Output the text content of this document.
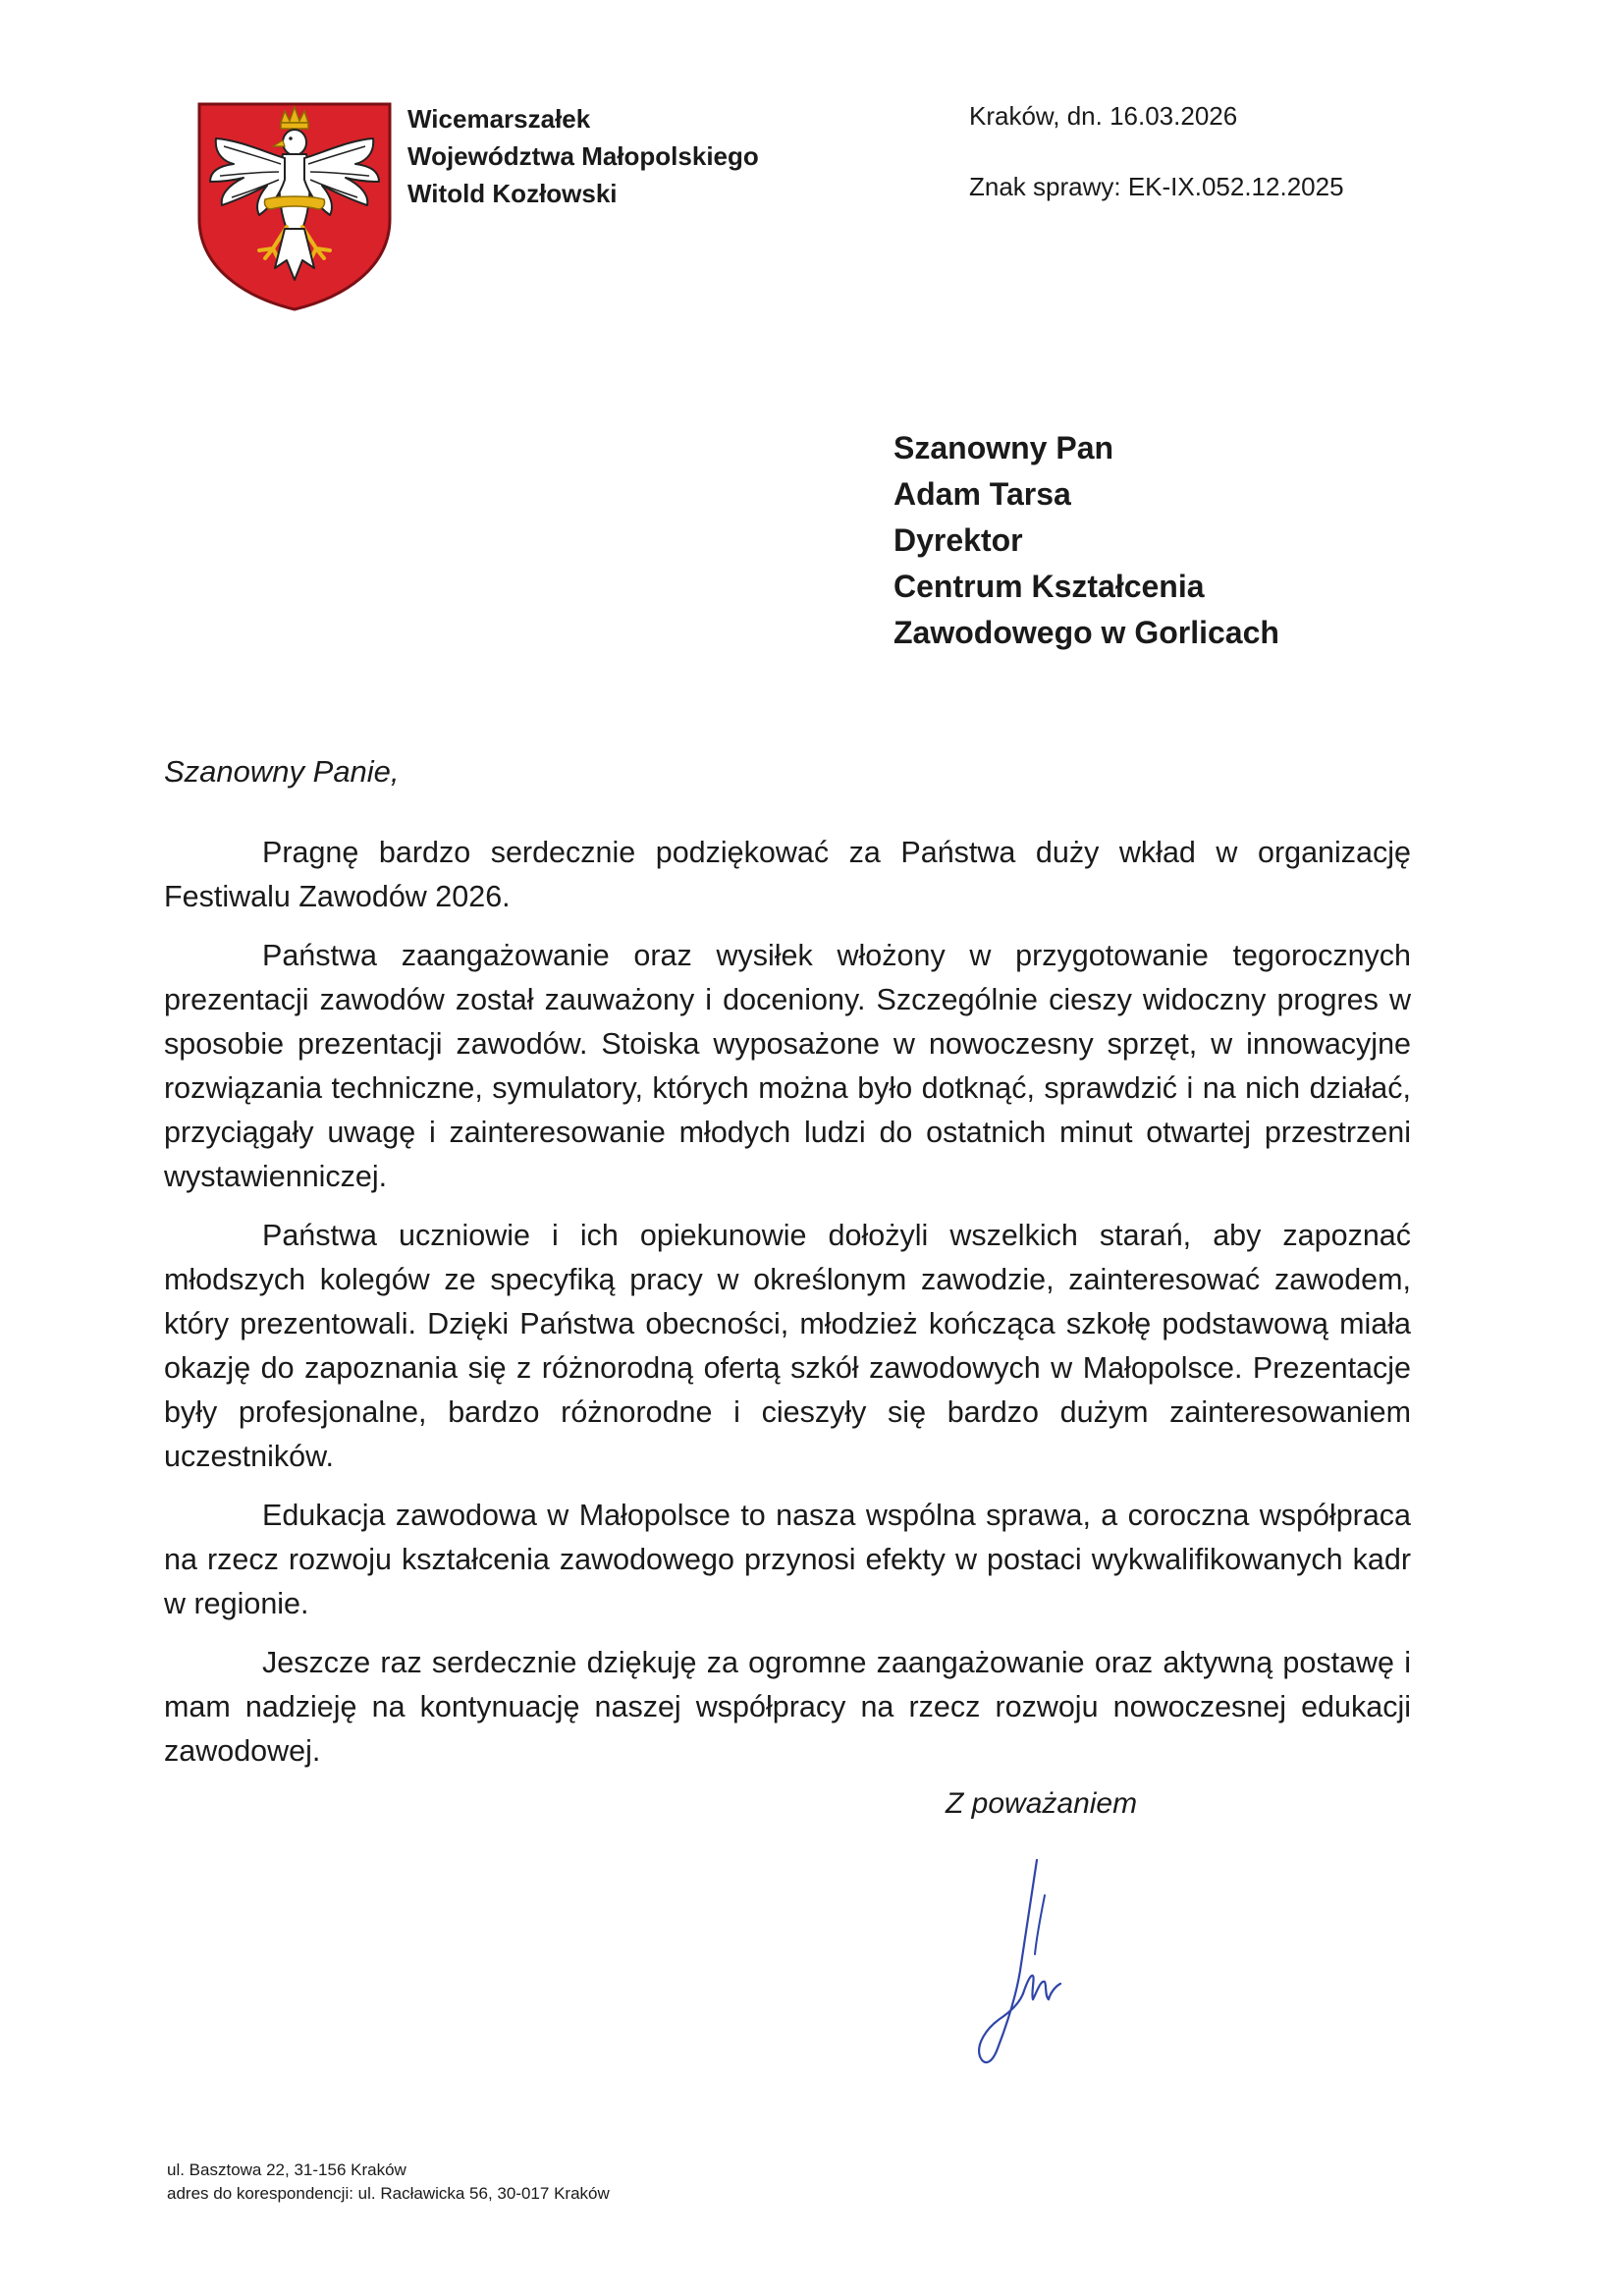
Wicemarszałek
Województwa Małopolskiego
Witold Kozłowski
Kraków, dn. 16.03.2026
Znak sprawy: EK-IX.052.12.2025
Szanowny Pan
Adam Tarsa
Dyrektor
Centrum Kształcenia
Zawodowego w Gorlicach
Szanowny Panie,

Pragnę bardzo serdecznie podziękować za Państwa duży wkład w organizację Festiwalu Zawodów 2026.

Państwa zaangażowanie oraz wysiłek włożony w przygotowanie tegorocznych prezentacji zawodów został zauważony i doceniony. Szczególnie cieszy widoczny progres w sposobie prezentacji zawodów. Stoiska wyposażone w nowoczesny sprzęt, w innowacyjne rozwiązania techniczne, symulatory, których można było dotknąć, sprawdzić i na nich działać, przyciągały uwagę i zainteresowanie młodych ludzi do ostatnich minut otwartej przestrzeni wystawienniczej.

Państwa uczniowie i ich opiekunowie dołożyli wszelkich starań, aby zapoznać młodszych kolegów ze specyfiką pracy w określonym zawodzie, zainteresować zawodem, który prezentowali. Dzięki Państwa obecności, młodzież kończąca szkołę podstawową miała okazję do zapoznania się z różnorodną ofertą szkół zawodowych w Małopolsce. Prezentacje były profesjonalne, bardzo różnorodne i cieszyły się bardzo dużym zainteresowaniem uczestników.

Edukacja zawodowa w Małopolsce to nasza wspólna sprawa, a coroczna współpraca na rzecz rozwoju kształcenia zawodowego przynosi efekty w postaci wykwalifikowanych kadr w regionie.

Jeszcze raz serdecznie dziękuję za ogromne zaangażowanie oraz aktywną postawę i mam nadzieję na kontynuację naszej współpracy na rzecz rozwoju nowoczesnej edukacji zawodowej.

Z poważaniem
ul. Basztowa 22, 31-156 Kraków
adres do korespondencji: ul. Racławicka 56, 30-017 Kraków
